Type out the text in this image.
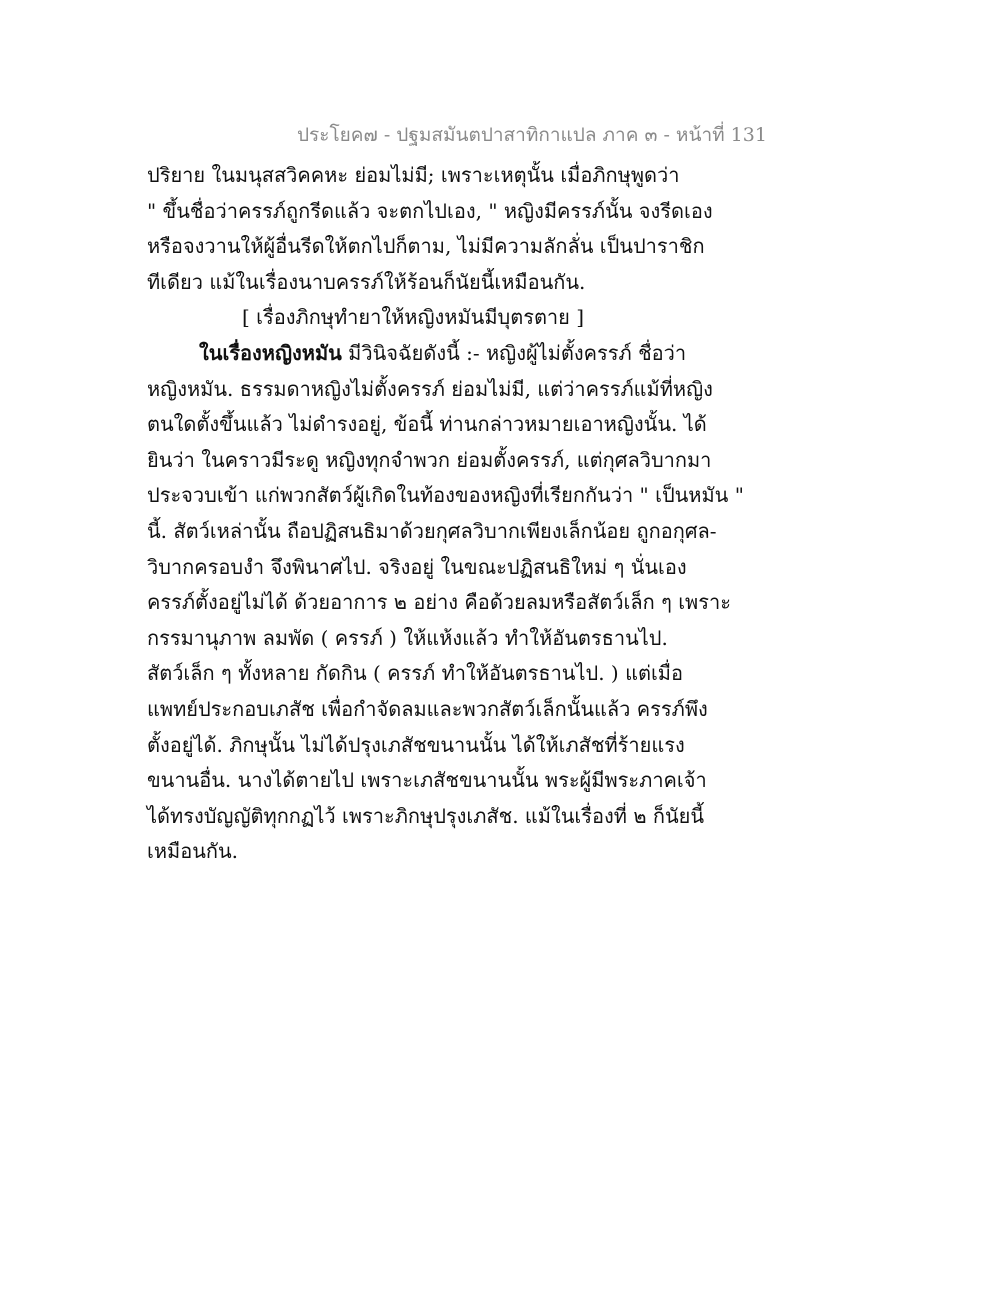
ประโยค๗ - ปฐมสมันตปาสาทิกาแปล ภาค ๓ - หน้าที่ 131
ปริยาย ในมนุสสวิคคหะ ย่อมไม่มี; เพราะเหตุนั้น เมื่อภิกษุพูดว่า
" ขึ้นชื่อว่าครรภ์ถูกรีดแล้ว จะตกไปเอง, " หญิงมีครรภ์นั้น จงรีดเอง
หรือจงวานให้ผู้อื่นรีดให้ตกไปก็ตาม, ไม่มีความลักลั่น เป็นปาราชิก
ทีเดียว แม้ในเรื่องนาบครรภ์ให้ร้อนก็นัยนี้เหมือนกัน.
[ เรื่องภิกษุทำยาให้หญิงหมันมีบุตรตาย ]
ในเรื่องหญิงหมัน มีวินิจฉัยดังนี้ :- หญิงผู้ไม่ตั้งครรภ์ ชื่อว่า
หญิงหมัน. ธรรมดาหญิงไม่ตั้งครรภ์ ย่อมไม่มี, แต่ว่าครรภ์แม้ที่หญิง
ตนใดตั้งขึ้นแล้ว ไม่ดำรงอยู่, ข้อนี้ ท่านกล่าวหมายเอาหญิงนั้น. ได้
ยินว่า ในคราวมีระดู หญิงทุกจำพวก ย่อมตั้งครรภ์, แต่กุศลวิบากมา
ประจวบเข้า แก่พวกสัตว์ผู้เกิดในท้องของหญิงที่เรียกกันว่า " เป็นหมัน "
นี้. สัตว์เหล่านั้น ถือปฏิสนธิมาด้วยกุศลวิบากเพียงเล็กน้อย ถูกอกุศล-
วิบากครอบงำ จึงพินาศไป. จริงอยู่ ในขณะปฏิสนธิใหม่ ๆ นั่นเอง
ครรภ์ตั้งอยู่ไม่ได้ ด้วยอาการ ๒ อย่าง คือด้วยลมหรือสัตว์เล็ก ๆ เพราะ
กรรมานุภาพ ลมพัด ( ครรภ์ ) ให้แห้งแล้ว ทำให้อันตรธานไป.
สัตว์เล็ก ๆ ทั้งหลาย กัดกิน ( ครรภ์ ทำให้อันตรธานไป. ) แต่เมื่อ
แพทย์ประกอบเภสัช เพื่อกำจัดลมและพวกสัตว์เล็กนั้นแล้ว ครรภ์พึง
ตั้งอยู่ได้. ภิกษุนั้น ไม่ได้ปรุงเภสัชขนานนั้น ได้ให้เภสัชที่ร้ายแรง
ขนานอื่น. นางได้ตายไป เพราะเภสัชขนานนั้น พระผู้มีพระภาคเจ้า
ได้ทรงบัญญัติทุกกฏไว้ เพราะภิกษุปรุงเภสัช. แม้ในเรื่องที่ ๒ ก็นัยนี้
เหมือนกัน.
